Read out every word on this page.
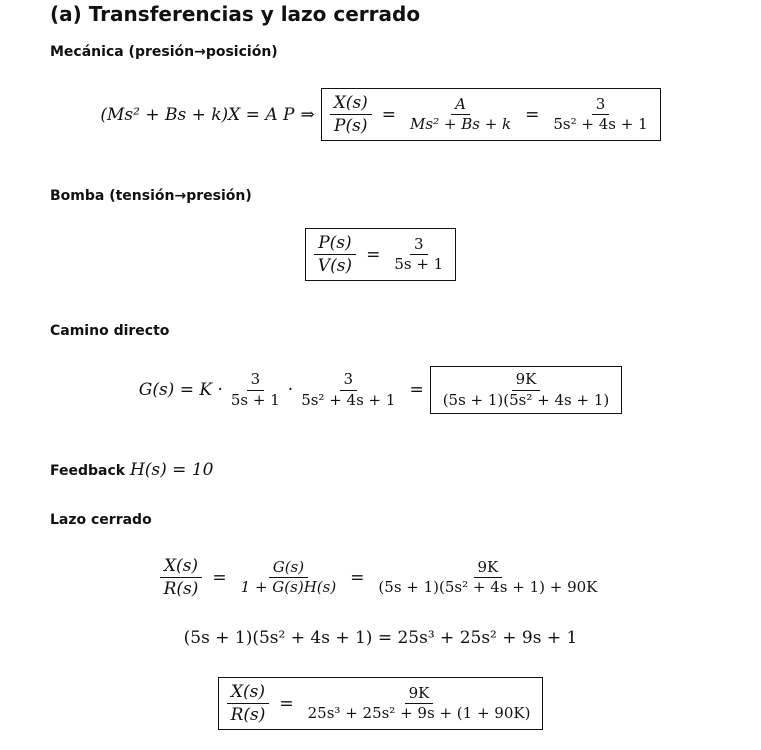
(a) Transferencias y lazo cerrado
Mecánica (presión→posición)
(Ms² + Bs + k)X = A P ⇒ $\frac{X(s)}{P(s)} = \frac{A}{\text{Ms² + Bs + k}} = \frac{3}{\text{5s² + 4s + 1}}$
Bomba (tensión→presión)
$\frac{P(s)}{V(s)} = \frac{3}{5s + 1}$
Camino directo
$G(s) = K \cdot \frac{3}{5s + 1} \cdot \frac{3}{\text{5s² + 4s + 1}} = \frac{9K}{\text{(5s + 1)(5s² + 4s + 1)}}$
Feedback H(s) = 10
Lazo cerrado
$\frac{X(s)}{R(s)} = \frac{G(s)}{1 + G(s)H(s)} = \frac{9K}{\text{(5s + 1)(5s² + 4s + 1) + 90K}}$
(5s + 1)(5s² + 4s + 1) = 25s³ + 25s² + 9s + 1
$\frac{X(s)}{R(s)} = \frac{9K}{\text{25s³ + 25s² + 9s + (1 + 90K)}}$
